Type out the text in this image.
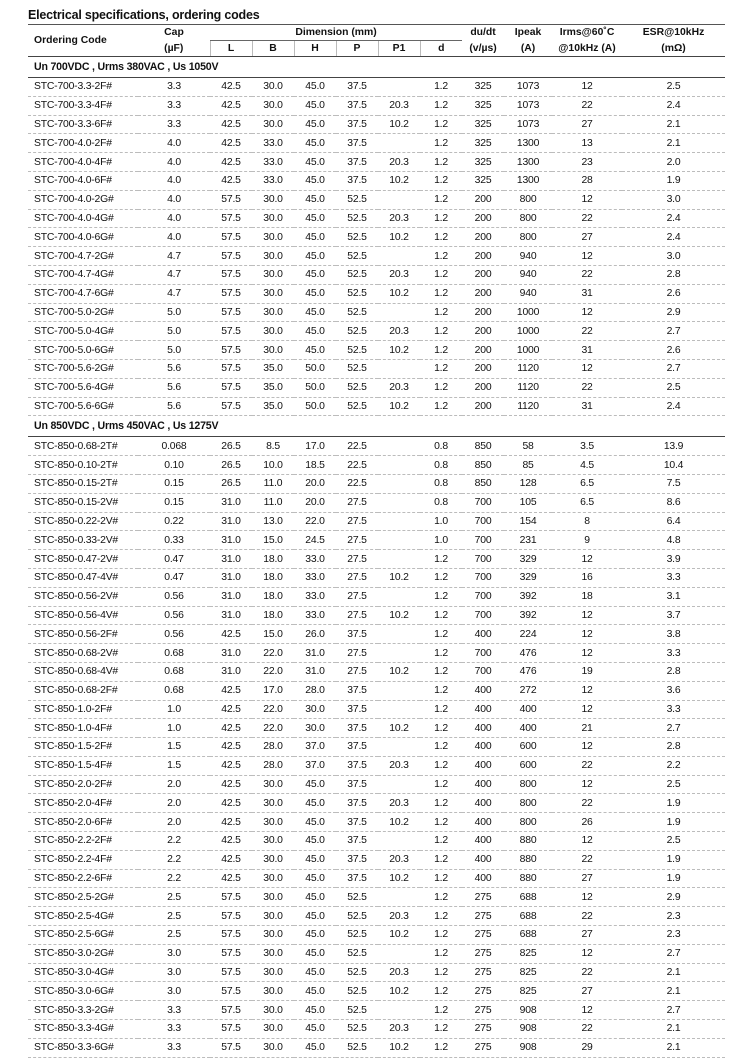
Electrical specifications, ordering codes
Ordering Code	Cap	Dimension (mm)						du/dt	Ipeak	Irms@60˚C	ESR@10kHz
	(µF)	L	B	H	P	P1	d	(v/µs)	(A)	@10kHz (A)	(mΩ)
Un 700VDC , Urms 380VAC , Us 1050V											
STC-700-3.3-2F#	3.3	42.5	30.0	45.0	37.5		1.2	325	1073	12	2.5
STC-700-3.3-4F#	3.3	42.5	30.0	45.0	37.5	20.3	1.2	325	1073	22	2.4
STC-700-3.3-6F#	3.3	42.5	30.0	45.0	37.5	10.2	1.2	325	1073	27	2.1
STC-700-4.0-2F#	4.0	42.5	33.0	45.0	37.5		1.2	325	1300	13	2.1
STC-700-4.0-4F#	4.0	42.5	33.0	45.0	37.5	20.3	1.2	325	1300	23	2.0
STC-700-4.0-6F#	4.0	42.5	33.0	45.0	37.5	10.2	1.2	325	1300	28	1.9
STC-700-4.0-2G#	4.0	57.5	30.0	45.0	52.5		1.2	200	800	12	3.0
STC-700-4.0-4G#	4.0	57.5	30.0	45.0	52.5	20.3	1.2	200	800	22	2.4
STC-700-4.0-6G#	4.0	57.5	30.0	45.0	52.5	10.2	1.2	200	800	27	2.4
STC-700-4.7-2G#	4.7	57.5	30.0	45.0	52.5		1.2	200	940	12	3.0
STC-700-4.7-4G#	4.7	57.5	30.0	45.0	52.5	20.3	1.2	200	940	22	2.8
STC-700-4.7-6G#	4.7	57.5	30.0	45.0	52.5	10.2	1.2	200	940	31	2.6
STC-700-5.0-2G#	5.0	57.5	30.0	45.0	52.5		1.2	200	1000	12	2.9
STC-700-5.0-4G#	5.0	57.5	30.0	45.0	52.5	20.3	1.2	200	1000	22	2.7
STC-700-5.0-6G#	5.0	57.5	30.0	45.0	52.5	10.2	1.2	200	1000	31	2.6
STC-700-5.6-2G#	5.6	57.5	35.0	50.0	52.5		1.2	200	1120	12	2.7
STC-700-5.6-4G#	5.6	57.5	35.0	50.0	52.5	20.3	1.2	200	1120	22	2.5
STC-700-5.6-6G#	5.6	57.5	35.0	50.0	52.5	10.2	1.2	200	1120	31	2.4
Un 850VDC , Urms 450VAC , Us 1275V											
STC-850-0.68-2T#	0.068	26.5	8.5	17.0	22.5		0.8	850	58	3.5	13.9
STC-850-0.10-2T#	0.10	26.5	10.0	18.5	22.5		0.8	850	85	4.5	10.4
STC-850-0.15-2T#	0.15	26.5	11.0	20.0	22.5		0.8	850	128	6.5	7.5
STC-850-0.15-2V#	0.15	31.0	11.0	20.0	27.5		0.8	700	105	6.5	8.6
STC-850-0.22-2V#	0.22	31.0	13.0	22.0	27.5		1.0	700	154	8	6.4
STC-850-0.33-2V#	0.33	31.0	15.0	24.5	27.5		1.0	700	231	9	4.8
STC-850-0.47-2V#	0.47	31.0	18.0	33.0	27.5		1.2	700	329	12	3.9
STC-850-0.47-4V#	0.47	31.0	18.0	33.0	27.5	10.2	1.2	700	329	16	3.3
STC-850-0.56-2V#	0.56	31.0	18.0	33.0	27.5		1.2	700	392	18	3.1
STC-850-0.56-4V#	0.56	31.0	18.0	33.0	27.5	10.2	1.2	700	392	12	3.7
STC-850-0.56-2F#	0.56	42.5	15.0	26.0	37.5		1.2	400	224	12	3.8
STC-850-0.68-2V#	0.68	31.0	22.0	31.0	27.5		1.2	700	476	12	3.3
STC-850-0.68-4V#	0.68	31.0	22.0	31.0	27.5	10.2	1.2	700	476	19	2.8
STC-850-0.68-2F#	0.68	42.5	17.0	28.0	37.5		1.2	400	272	12	3.6
STC-850-1.0-2F#	1.0	42.5	22.0	30.0	37.5		1.2	400	400	12	3.3
STC-850-1.0-4F#	1.0	42.5	22.0	30.0	37.5	10.2	1.2	400	400	21	2.7
STC-850-1.5-2F#	1.5	42.5	28.0	37.0	37.5		1.2	400	600	12	2.8
STC-850-1.5-4F#	1.5	42.5	28.0	37.0	37.5	20.3	1.2	400	600	22	2.2
STC-850-2.0-2F#	2.0	42.5	30.0	45.0	37.5		1.2	400	800	12	2.5
STC-850-2.0-4F#	2.0	42.5	30.0	45.0	37.5	20.3	1.2	400	800	22	1.9
STC-850-2.0-6F#	2.0	42.5	30.0	45.0	37.5	10.2	1.2	400	800	26	1.9
STC-850-2.2-2F#	2.2	42.5	30.0	45.0	37.5		1.2	400	880	12	2.5
STC-850-2.2-4F#	2.2	42.5	30.0	45.0	37.5	20.3	1.2	400	880	22	1.9
STC-850-2.2-6F#	2.2	42.5	30.0	45.0	37.5	10.2	1.2	400	880	27	1.9
STC-850-2.5-2G#	2.5	57.5	30.0	45.0	52.5		1.2	275	688	12	2.9
STC-850-2.5-4G#	2.5	57.5	30.0	45.0	52.5	20.3	1.2	275	688	22	2.3
STC-850-2.5-6G#	2.5	57.5	30.0	45.0	52.5	10.2	1.2	275	688	27	2.3
STC-850-3.0-2G#	3.0	57.5	30.0	45.0	52.5		1.2	275	825	12	2.7
STC-850-3.0-4G#	3.0	57.5	30.0	45.0	52.5	20.3	1.2	275	825	22	2.1
STC-850-3.0-6G#	3.0	57.5	30.0	45.0	52.5	10.2	1.2	275	825	27	2.1
STC-850-3.3-2G#	3.3	57.5	30.0	45.0	52.5		1.2	275	908	12	2.7
STC-850-3.3-4G#	3.3	57.5	30.0	45.0	52.5	20.3	1.2	275	908	22	2.1
STC-850-3.3-6G#	3.3	57.5	30.0	45.0	52.5	10.2	1.2	275	908	29	2.1
